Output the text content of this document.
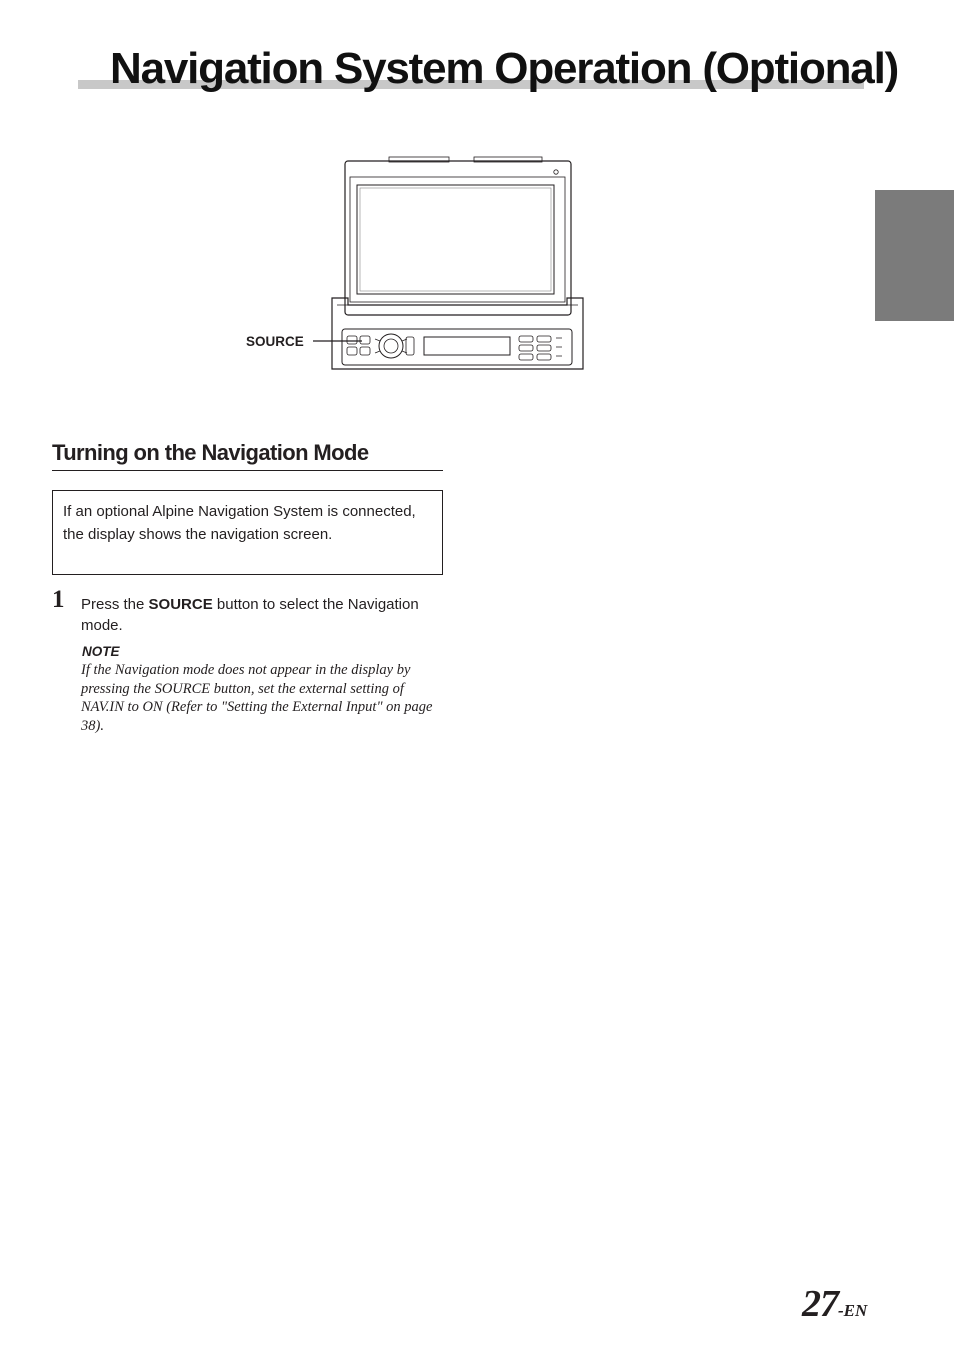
Navigation System Operation (Optional)
SOURCE
Turning on the Navigation Mode

If an optional Alpine Navigation System is connected, the display shows the navigation screen.

1 Press the SOURCE button to select the Navigation mode.

NOTE

If the Navigation mode does not appear in the display by pressing the SOURCE button, set the external setting of NAV.IN to ON (Refer to "Setting the External Input" on page 38).

27-EN
